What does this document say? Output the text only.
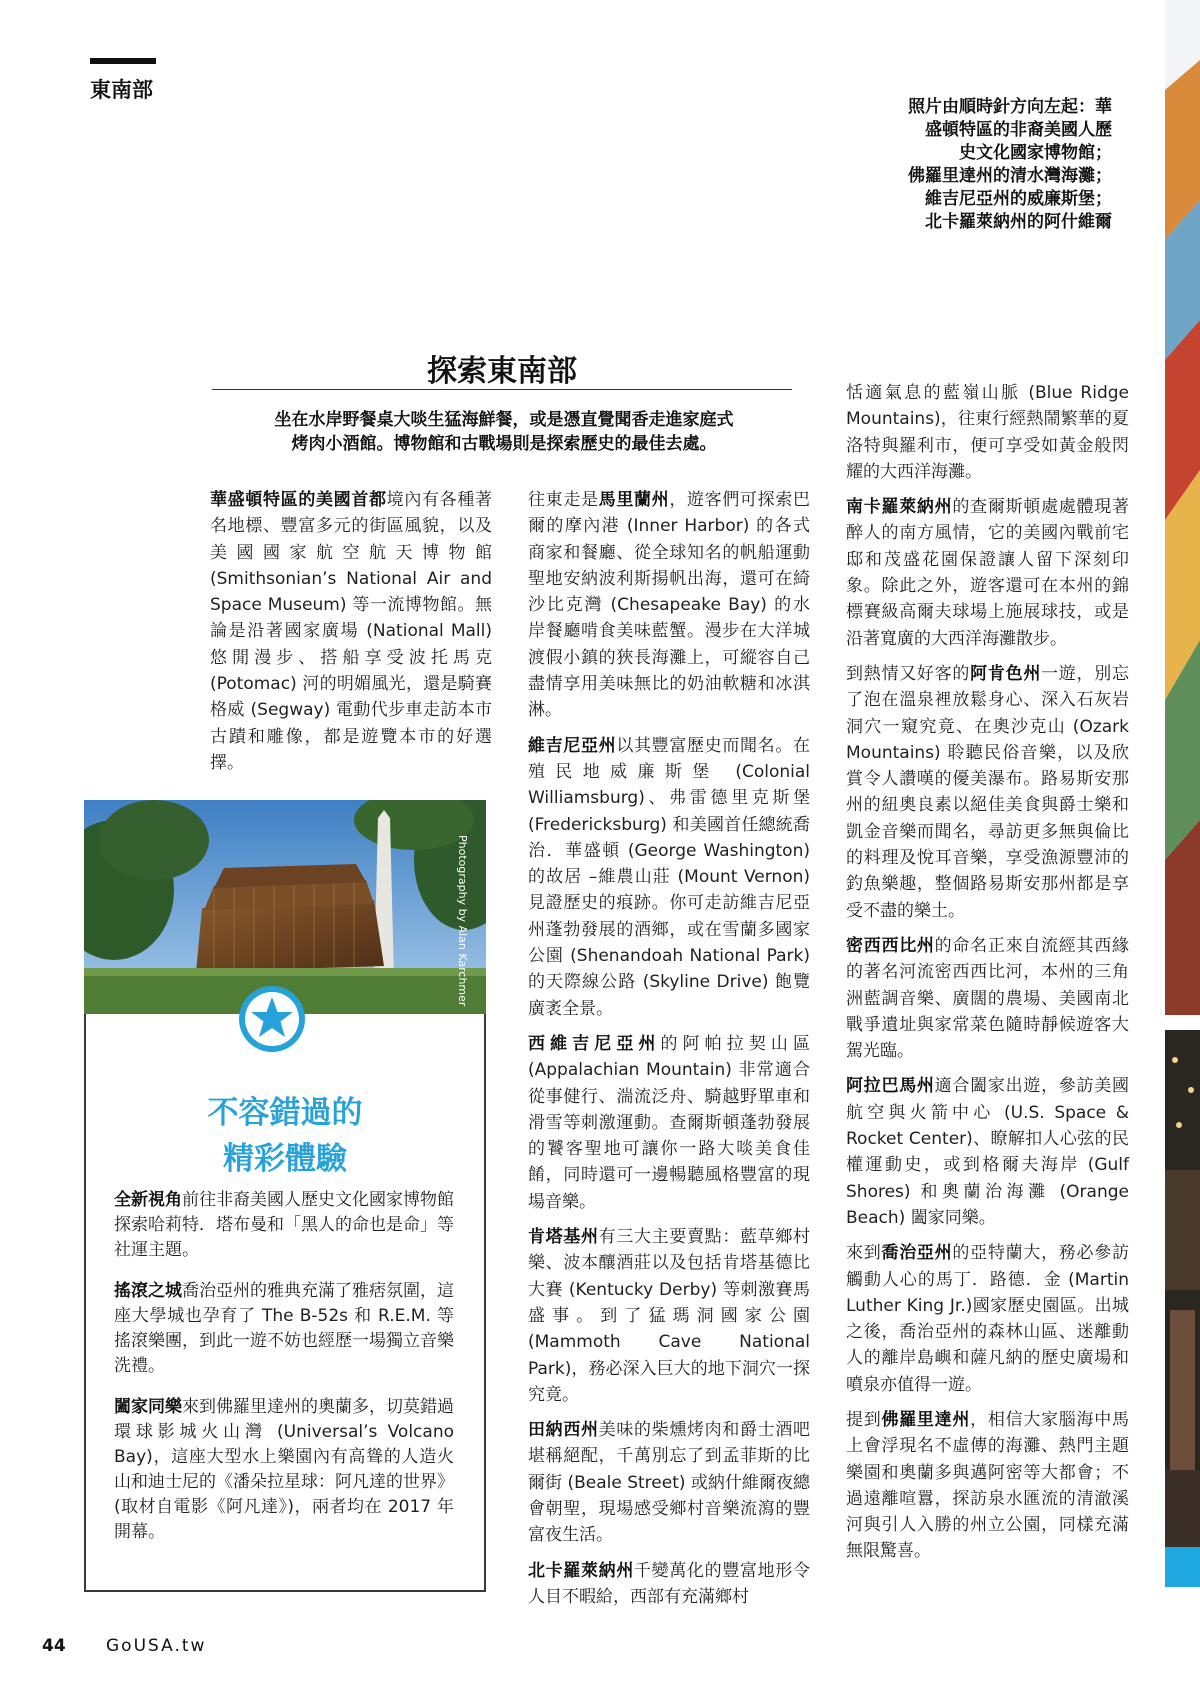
東南部
照片由順時針方向左起：華
盛頓特區的非裔美國人歷
史文化國家博物館；
佛羅里達州的清水灣海灘；
維吉尼亞州的威廉斯堡；
北卡羅萊納州的阿什維爾
探索東南部
坐在水岸野餐桌大啖生猛海鮮餐，或是憑直覺聞香走進家庭式
烤肉小酒館。博物館和古戰場則是探索歷史的最佳去處。

華盛頓特區的美國首都境內有各種著名地標、豐富多元的街區風貌，以及美國國家航空航天博物館 (Smithsonian’s National Air and Space Museum) 等一流博物館。無論是沿著國家廣場 (National Mall) 悠閒漫步、搭船享受波托馬克 (Potomac) 河的明媚風光，還是騎賽格威 (Segway) 電動代步車走訪本市古蹟和雕像，都是遊覽本市的好選擇。

往東走是馬里蘭州，遊客們可探索巴爾的摩內港 (Inner Harbor) 的各式商家和餐廳、從全球知名的帆船運動聖地安納波利斯揚帆出海，還可在綺沙比克灣 (Chesapeake Bay) 的水岸餐廳啃食美味藍蟹。漫步在大洋城渡假小鎮的狹長海灘上，可縱容自己盡情享用美味無比的奶油軟糖和冰淇淋。

維吉尼亞州以其豐富歷史而聞名。在殖民地威廉斯堡 (Colonial Williamsburg)、弗雷德里克斯堡 (Fredericksburg) 和美國首任總統喬治．華盛頓 (George Washington) 的故居 –維農山莊 (Mount Vernon) 見證歷史的痕跡。你可走訪維吉尼亞州蓬勃發展的酒鄉，或在雪蘭多國家公園 (Shenandoah National Park) 的天際線公路 (Skyline Drive) 飽覽廣袤全景。

西維吉尼亞州的阿帕拉契山區 (Appalachian Mountain) 非常適合從事健行、湍流泛舟、騎越野單車和滑雪等刺激運動。查爾斯頓蓬勃發展的饕客聖地可讓你一路大啖美食佳餚，同時還可一邊暢聽風格豐富的現場音樂。

肯塔基州有三大主要賣點：藍草鄉村樂、波本釀酒莊以及包括肯塔基德比大賽 (Kentucky Derby) 等刺激賽馬盛事。到了猛瑪洞國家公園 (Mammoth Cave National Park)，務必深入巨大的地下洞穴一探究竟。

田納西州美味的柴燻烤肉和爵士酒吧堪稱絕配，千萬別忘了到孟菲斯的比爾街 (Beale Street) 或納什維爾夜總會朝聖，現場感受鄉村音樂流瀉的豐富夜生活。

北卡羅萊納州千變萬化的豐富地形令人目不暇給，西部有充滿鄉村

恬適氣息的藍嶺山脈 (Blue Ridge Mountains)，往東行經熱鬧繁華的夏洛特與羅利市，便可享受如黃金般閃耀的大西洋海灘。

南卡羅萊納州的查爾斯頓處處體現著醉人的南方風情，它的美國內戰前宅邸和茂盛花園保證讓人留下深刻印象。除此之外，遊客還可在本州的錦標賽級高爾夫球場上施展球技，或是沿著寬廣的大西洋海灘散步。

到熱情又好客的阿肯色州一遊，別忘了泡在溫泉裡放鬆身心、深入石灰岩洞穴一窺究竟、在奧沙克山 (Ozark Mountains) 聆聽民俗音樂，以及欣賞令人讚嘆的優美瀑布。路易斯安那州的紐奧良素以絕佳美食與爵士樂和凱金音樂而聞名，尋訪更多無與倫比的料理及悅耳音樂，享受漁源豐沛的釣魚樂趣，整個路易斯安那州都是享受不盡的樂土。

密西西比州的命名正來自流經其西緣的著名河流密西西比河，本州的三角洲藍調音樂、廣闊的農場、美國南北戰爭遺址與家常菜色隨時靜候遊客大駕光臨。

阿拉巴馬州適合闔家出遊，參訪美國航空與火箭中心 (U.S. Space & Rocket Center)、瞭解扣人心弦的民權運動史，或到格爾夫海岸 (Gulf Shores) 和奧蘭治海灘 (Orange Beach) 闔家同樂。

來到喬治亞州的亞特蘭大，務必參訪觸動人心的馬丁．路德．金 (Martin Luther King Jr.)國家歷史園區。出城之後，喬治亞州的森林山區、迷離動人的離岸島嶼和薩凡納的歷史廣場和噴泉亦值得一遊。

提到佛羅里達州，相信大家腦海中馬上會浮現名不虛傳的海灘、熱門主題樂園和奧蘭多與邁阿密等大都會；不過遠離喧囂，探訪泉水匯流的清澈溪河與引人入勝的州立公園，同樣充滿無限驚喜。

Photography by Alan Karchmer
不容錯過的
精彩體驗

全新視角前往非裔美國人歷史文化國家博物館探索哈莉特．塔布曼和「黑人的命也是命」等社運主題。

搖滾之城喬治亞州的雅典充滿了雅痞氛圍，這座大學城也孕育了 The B-52s 和 R.E.M. 等搖滾樂團，到此一遊不妨也經歷一場獨立音樂洗禮。

闔家同樂來到佛羅里達州的奧蘭多，切莫錯過環球影城火山灣 (Universal’s Volcano Bay)，這座大型水上樂園內有高聳的人造火山和迪士尼的《潘朵拉星球：阿凡達的世界》(取材自電影《阿凡達》)，兩者均在 2017 年開幕。

44 GoUSA.tw
